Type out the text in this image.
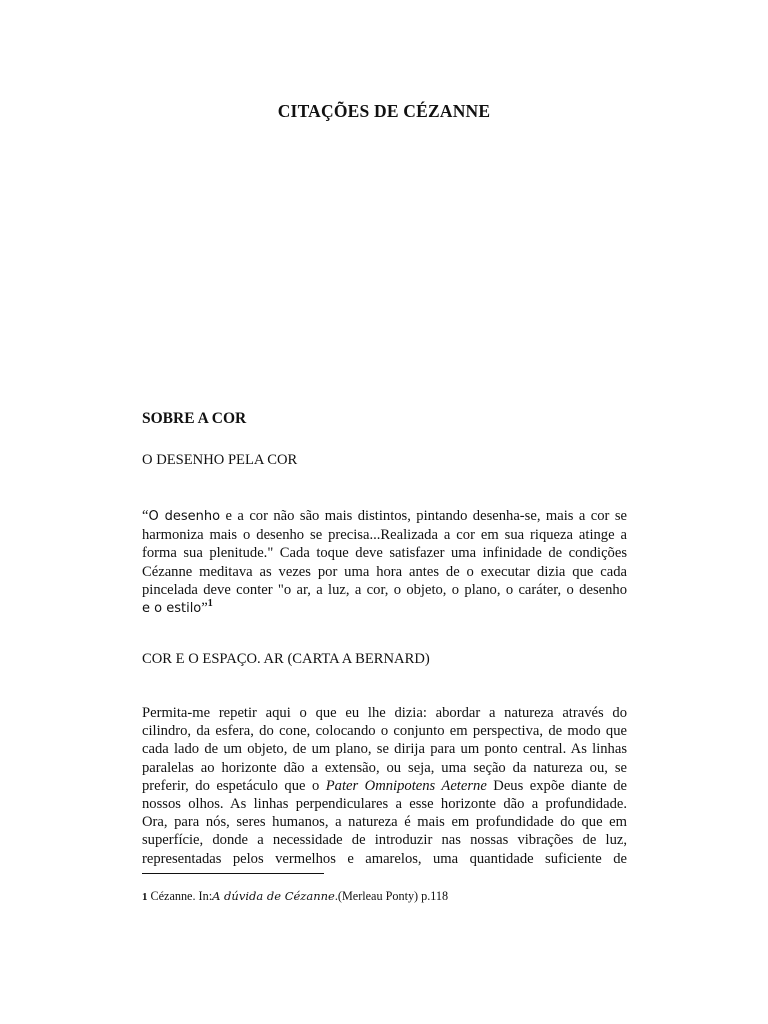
CITAÇÕES DE CÉZANNE
SOBRE A COR
O DESENHO PELA COR
“O desenho e a cor não são mais distintos, pintando desenha-se, mais a cor se
harmoniza mais o desenho se precisa...Realizada a cor em sua riqueza atinge a
forma sua plenitude." Cada toque deve satisfazer uma infinidade de condições
Cézanne meditava as vezes por uma hora antes de o executar dizia que cada
pincelada deve conter "o ar, a luz, a cor, o objeto, o plano, o caráter, o desenho
e o estilo”$^1$
COR E O ESPAÇO. AR (CARTA A BERNARD)
Permita-me repetir aqui o que eu lhe dizia: abordar a natureza através do
cilindro, da esfera, do cone, colocando o conjunto em perspectiva, de modo que
cada lado de um objeto, de um plano, se dirija para um ponto central. As linhas
paralelas ao horizonte dão a extensão, ou seja, uma seção da natureza ou, se
preferir, do espetáculo que o Pater Omnipotens Aeterne Deus expõe diante de
nossos olhos. As linhas perpendiculares a esse horizonte dão a profundidade.
Ora, para nós, seres humanos, a natureza é mais em profundidade do que em
superfície, donde a necessidade de introduzir nas nossas vibrações de luz,
representadas pelos vermelhos e amarelos, uma quantidade suficiente de
1 Cézanne. In:A dúvida de Cézanne.(Merleau Ponty) p.118
